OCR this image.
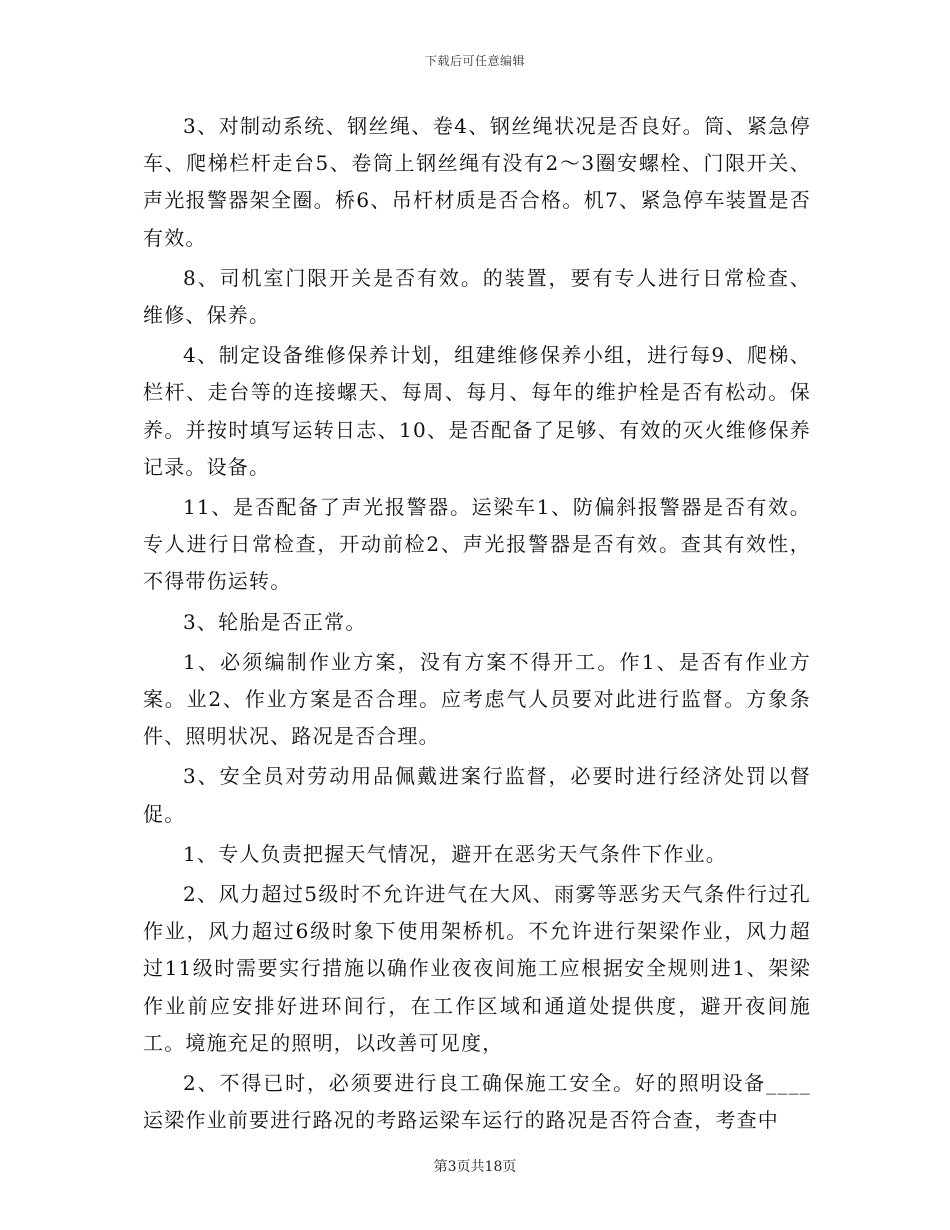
下载后可任意编辑

3、对制动系统、钢丝绳、卷4、钢丝绳状况是否良好。筒、紧急停车、爬梯栏杆走台5、卷筒上钢丝绳有没有2～3圈安螺栓、门限开关、声光报警器架全圈。桥6、吊杆材质是否合格。机7、紧急停车装置是否有效。

8、司机室门限开关是否有效。的装置，要有专人进行日常检查、维修、保养。

4、制定设备维修保养计划，组建维修保养小组，进行每9、爬梯、栏杆、走台等的连接螺天、每周、每月、每年的维护栓是否有松动。保养。并按时填写运转日志、10、是否配备了足够、有效的灭火维修保养记录。设备。

11、是否配备了声光报警器。运梁车1、防偏斜报警器是否有效。专人进行日常检查，开动前检2、声光报警器是否有效。查其有效性，不得带伤运转。

3、轮胎是否正常。

1、必须编制作业方案，没有方案不得开工。作1、是否有作业方案。业2、作业方案是否合理。应考虑气人员要对此进行监督。方象条件、照明状况、路况是否合理。

3、安全员对劳动用品佩戴进案行监督，必要时进行经济处罚以督促。

1、专人负责把握天气情况，避开在恶劣天气条件下作业。

2、风力超过5级时不允许进气在大风、雨雾等恶劣天气条件行过孔作业，风力超过6级时象下使用架桥机。不允许进行架梁作业，风力超过11级时需要实行措施以确作业夜夜间施工应根据安全规则进1、架梁作业前应安排好进环间行，在工作区域和通道处提供度，避开夜间施工。境施充足的照明，以改善可见度，

2、不得已时，必须要进行良工确保施工安全。好的照明设备____运梁作业前要进行路况的考路运梁车运行的路况是否符合查，考查中

第3页共18页
